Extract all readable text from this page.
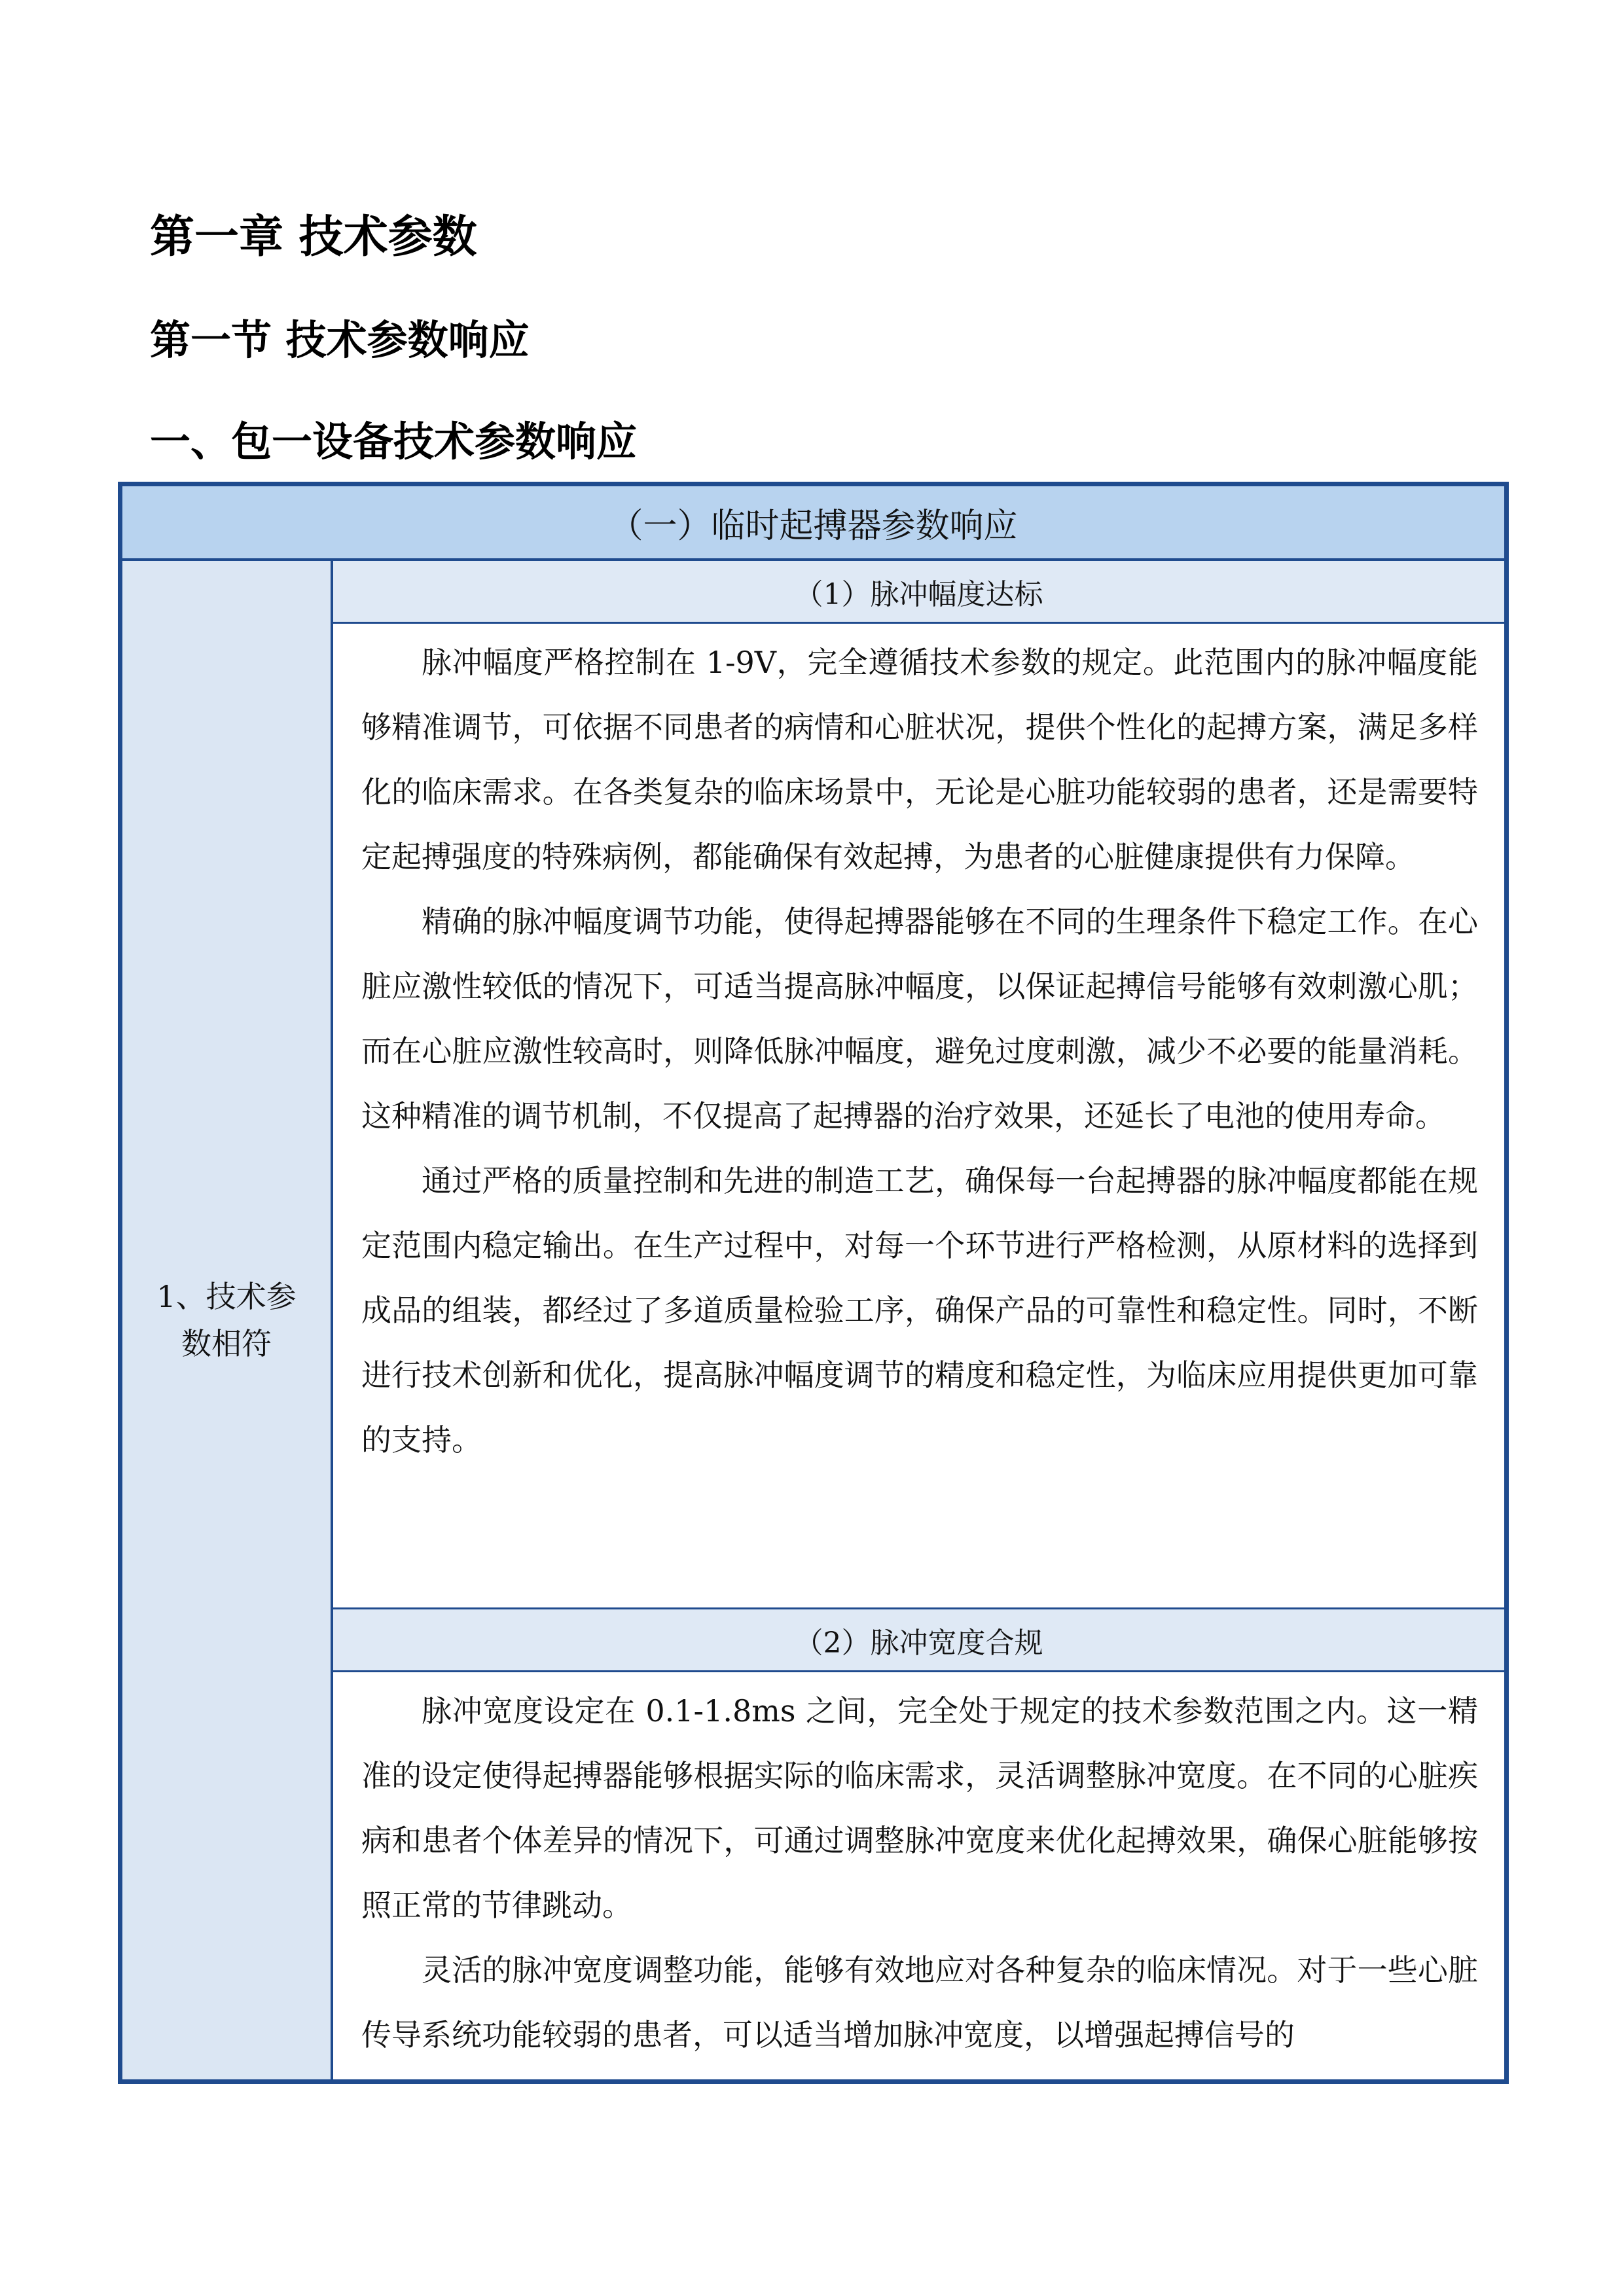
第一章 技术参数
第一节 技术参数响应
一、包一设备技术参数响应
（一）临时起搏器参数响应
1、技术参数相符
（1）脉冲幅度达标

脉冲幅度严格控制在 1-9V，完全遵循技术参数的规定。此范围内的脉冲幅度能够精准调节，可依据不同患者的病情和心脏状况，提供个性化的起搏方案，满足多样化的临床需求。在各类复杂的临床场景中，无论是心脏功能较弱的患者，还是需要特定起搏强度的特殊病例，都能确保有效起搏，为患者的心脏健康提供有力保障。

精确的脉冲幅度调节功能，使得起搏器能够在不同的生理条件下稳定工作。在心脏应激性较低的情况下，可适当提高脉冲幅度，以保证起搏信号能够有效刺激心肌；而在心脏应激性较高时，则降低脉冲幅度，避免过度刺激，减少不必要的能量消耗。这种精准的调节机制，不仅提高了起搏器的治疗效果，还延长了电池的使用寿命。

通过严格的质量控制和先进的制造工艺，确保每一台起搏器的脉冲幅度都能在规定范围内稳定输出。在生产过程中，对每一个环节进行严格检测，从原材料的选择到成品的组装，都经过了多道质量检验工序，确保产品的可靠性和稳定性。同时，不断进行技术创新和优化，提高脉冲幅度调节的精度和稳定性，为临床应用提供更加可靠的支持。

（2）脉冲宽度合规

脉冲宽度设定在 0.1-1.8ms 之间，完全处于规定的技术参数范围之内。这一精准的设定使得起搏器能够根据实际的临床需求，灵活调整脉冲宽度。在不同的心脏疾病和患者个体差异的情况下，可通过调整脉冲宽度来优化起搏效果，确保心脏能够按照正常的节律跳动。

灵活的脉冲宽度调整功能，能够有效地应对各种复杂的临床情况。对于一些心脏传导系统功能较弱的患者，可以适当增加脉冲宽度，以增强起搏信号的
